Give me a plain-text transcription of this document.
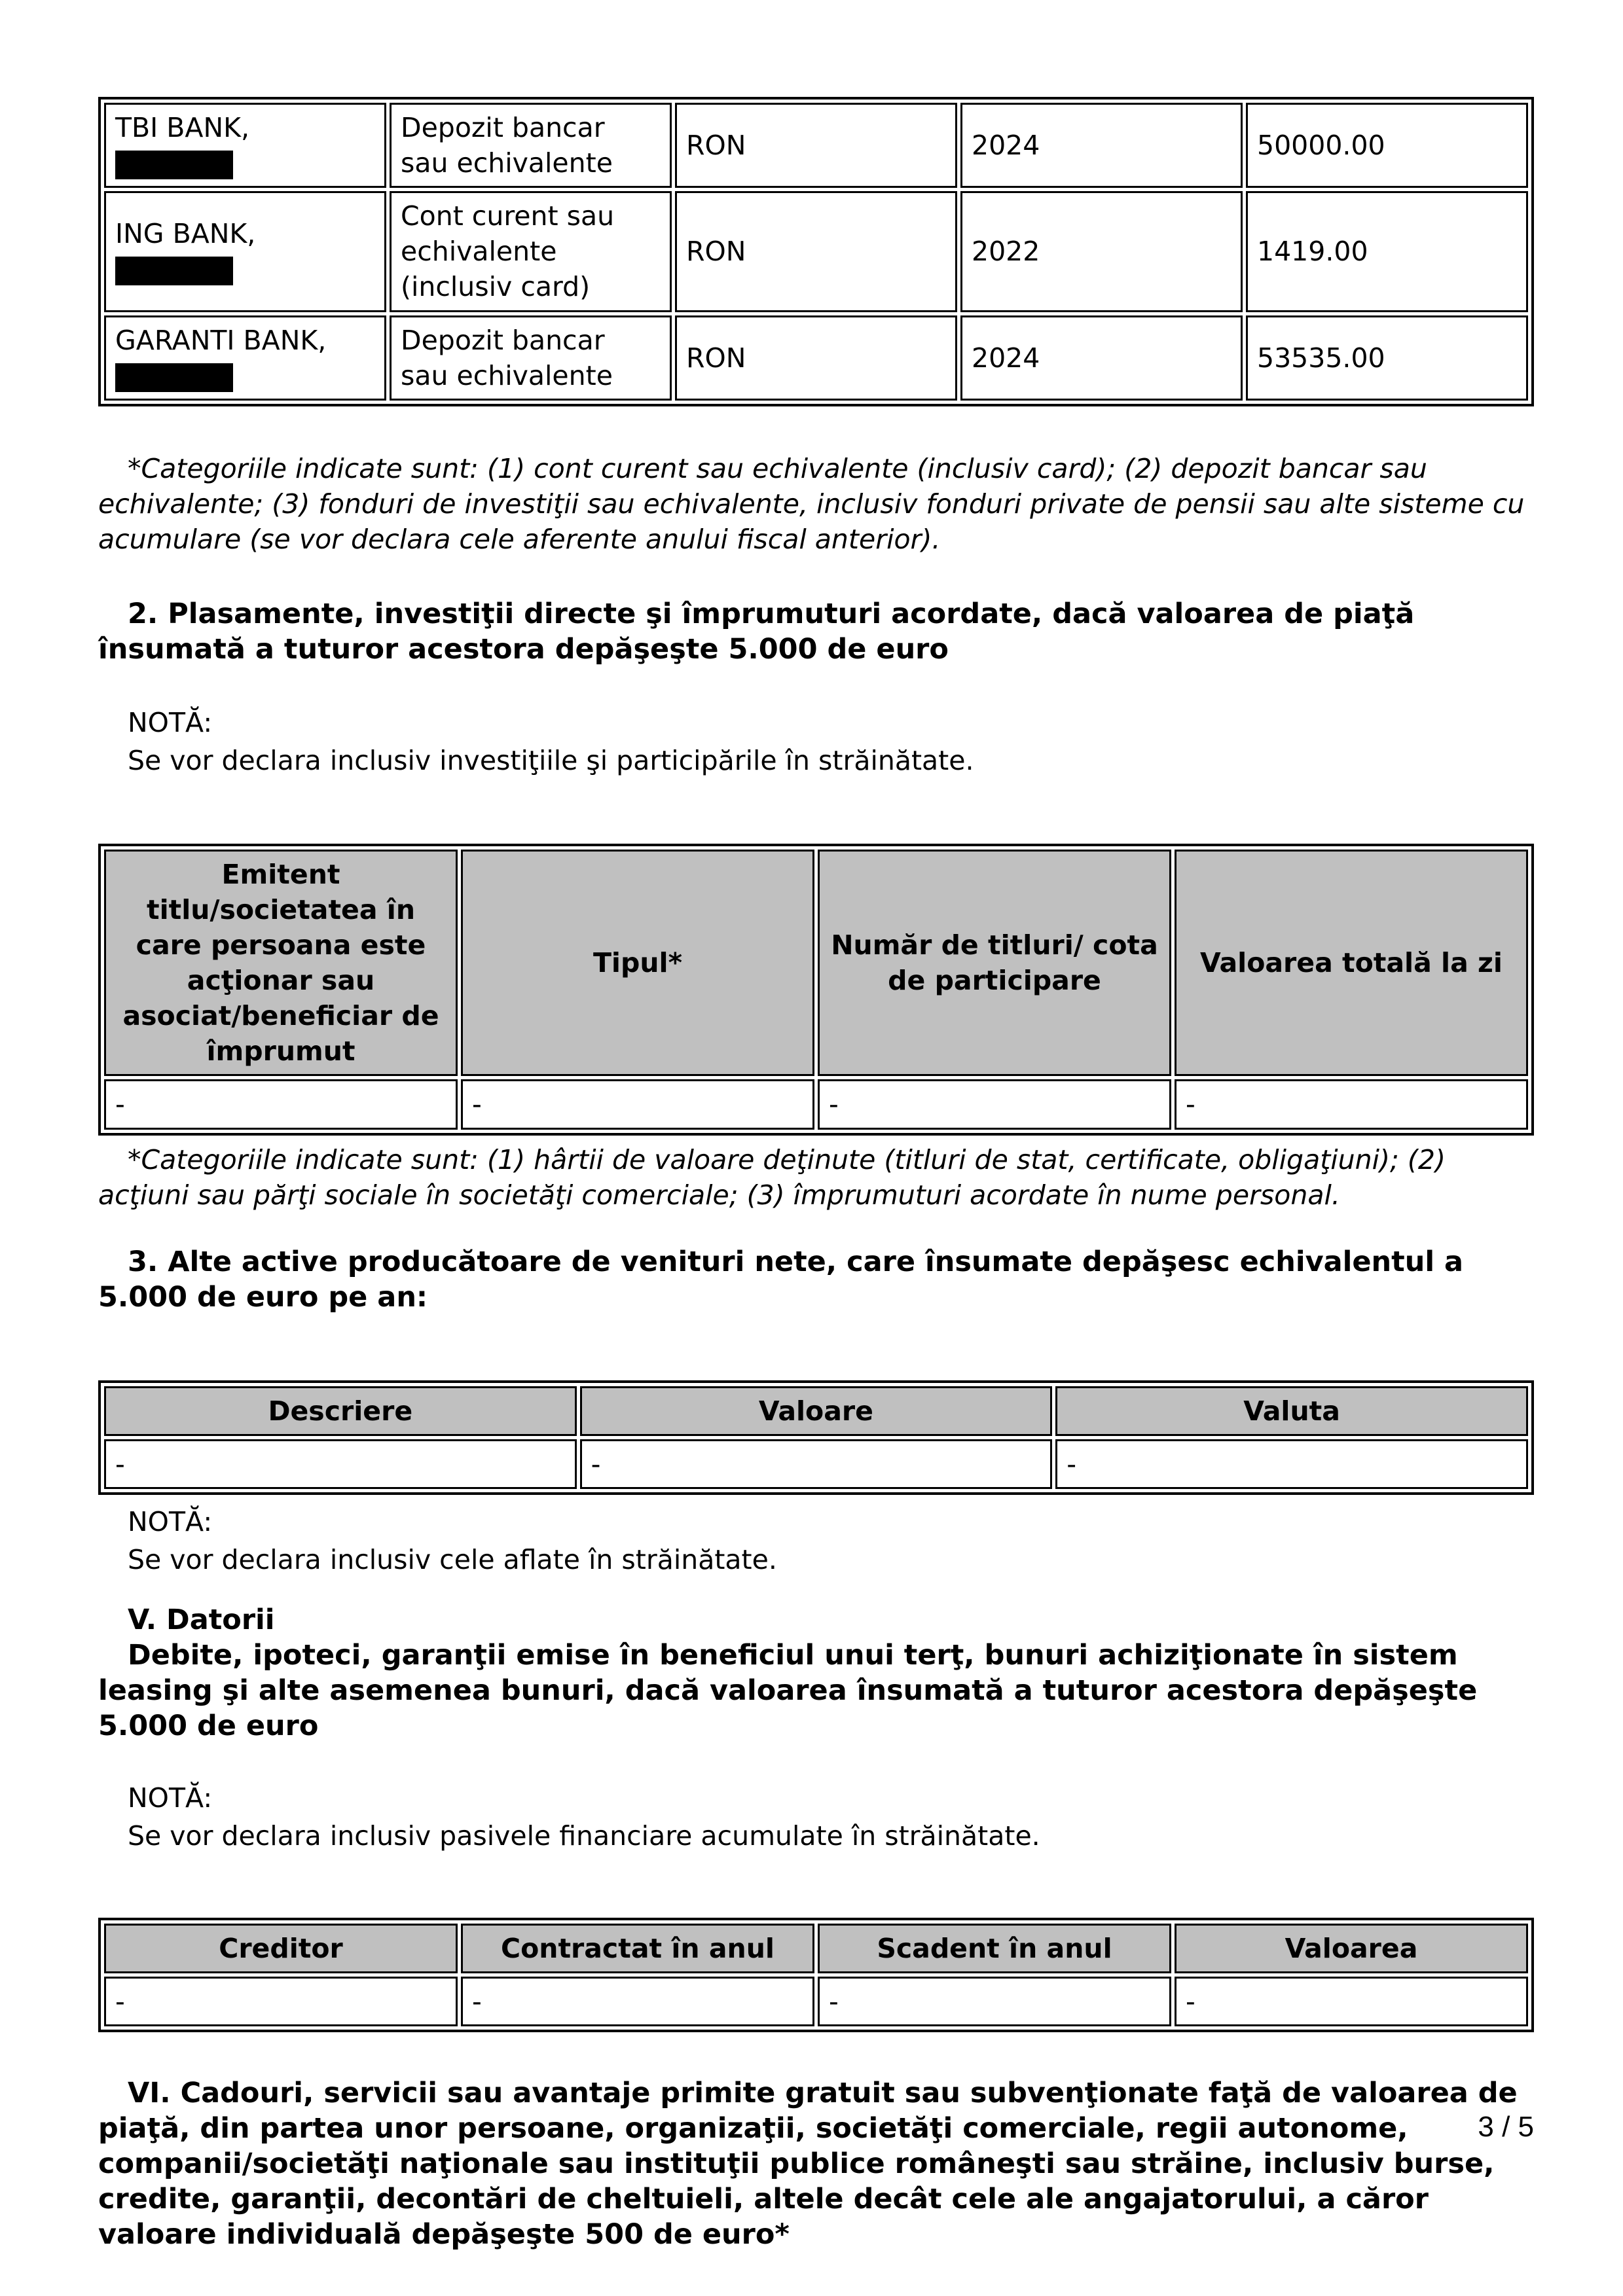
TBI BANK,	Depozit bancar sau echivalente	RON	2024	50000.00
ING BANK,	Cont curent sau echivalente (inclusiv card)	RON	2022	1419.00
GARANTI BANK,	Depozit bancar sau echivalente	RON	2024	53535.00

*Categoriile indicate sunt: (1) cont curent sau echivalente (inclusiv card); (2) depozit bancar sau echivalente; (3) fonduri de investiţii sau echivalente, inclusiv fonduri private de pensii sau alte sisteme cu acumulare (se vor declara cele aferente anului fiscal anterior).

2. Plasamente, investiţii directe şi împrumuturi acordate, dacă valoarea de piaţă însumată a tuturor acestora depăşeşte 5.000 de euro

NOTĂ:

Se vor declara inclusiv investiţiile şi participările în străinătate.

Emitent titlu/societatea în care persoana este acţionar sau asociat/beneficiar de împrumut	Tipul*	Număr de titluri/ cota de participare	Valoarea totală la zi
-	-	-	-

*Categoriile indicate sunt: (1) hârtii de valoare deţinute (titluri de stat, certificate, obligaţiuni); (2) acţiuni sau părţi sociale în societăţi comerciale; (3) împrumuturi acordate în nume personal.

3. Alte active producătoare de venituri nete, care însumate depăşesc echivalentul a 5.000 de euro pe an:

Descriere	Valoare	Valuta
-	-	-

NOTĂ:

Se vor declara inclusiv cele aflate în străinătate.

V. Datorii

Debite, ipoteci, garanţii emise în beneficiul unui terţ, bunuri achiziţionate în sistem leasing şi alte asemenea bunuri, dacă valoarea însumată a tuturor acestora depăşeşte 5.000 de euro

NOTĂ:

Se vor declara inclusiv pasivele financiare acumulate în străinătate.

Creditor	Contractat în anul	Scadent în anul	Valoarea
-	-	-	-

VI. Cadouri, servicii sau avantaje primite gratuit sau subvenţionate faţă de valoarea de piaţă, din partea unor persoane, organizaţii, societăţi comerciale, regii autonome, companii/societăţi naţionale sau instituţii publice româneşti sau străine, inclusiv burse, credite, garanţii, decontări de cheltuieli, altele decât cele ale angajatorului, a căror valoare individuală depăşeşte 500 de euro*

3 / 5
